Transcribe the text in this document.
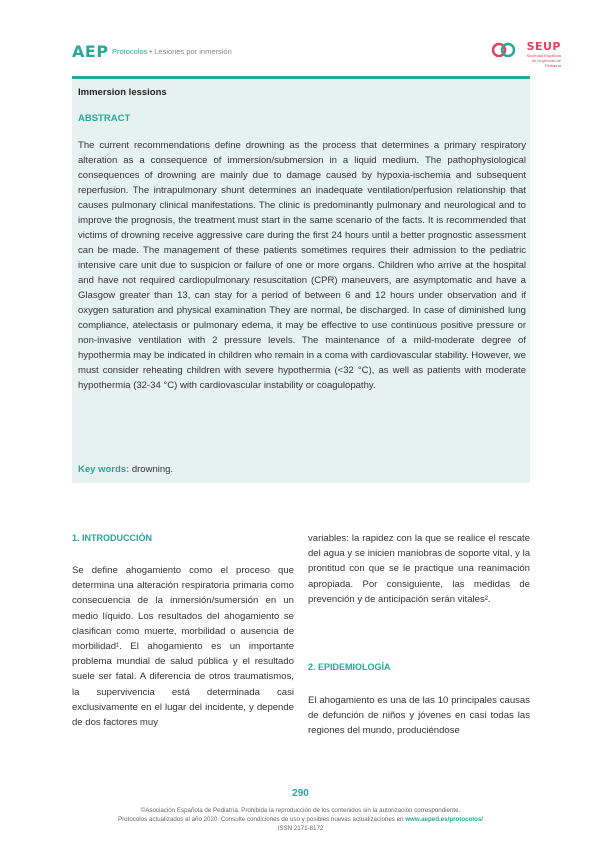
AEP Protocolos • Lesiones por inmersión	SEUP
Sociedad Española de Urgencias de Pediatría
Immersion lessions
ABSTRACT
The current recommendations define drowning as the process that determines a primary respiratory alteration as a consequence of immersion/submersion in a liquid medium. The pathophysiological consequences of drowning are mainly due to damage caused by hypoxia-ischemia and subsequent reperfusion. The intrapulmonary shunt determines an inadequate ventilation/perfusion relationship that causes pulmonary clinical manifestations. The clinic is predominantly pulmonary and neurological and to improve the prognosis, the treatment must start in the same scenario of the facts. It is recommended that victims of drowning receive aggressive care during the first 24 hours until a better prognostic assessment can be made. The management of these patients sometimes requires their admission to the pediatric intensive care unit due to suspicion or failure of one or more organs. Children who arrive at the hospital and have not required cardiopulmonary resuscitation (CPR) maneuvers, are asymptomatic and have a Glasgow greater than 13, can stay for a period of between 6 and 12 hours under observation and if oxygen saturation and physical examination They are normal, be discharged. In case of diminished lung compliance, atelectasis or pulmonary edema, it may be effective to use continuous positive pressure or non-invasive ventilation with 2 pressure levels. The maintenance of a mild-moderate degree of hypothermia may be indicated in children who remain in a coma with cardiovascular stability. However, we must consider reheating children with severe hypothermia (<32 °C), as well as patients with moderate hypothermia (32-34 °C) with cardiovascular instability or coagulopathy.
Key words: drowning.
1. INTRODUCCIÓN
Se define ahogamiento como el proceso que determina una alteración respiratoria primaria como consecuencia de la inmersión/sumersión en un medio líquido. Los resultados del ahogamiento se clasifican como muerte, morbilidad o ausencia de morbilidad¹. El ahogamiento es un importante problema mundial de salud pública y el resultado suele ser fatal. A diferencia de otros traumatismos, la supervivencia está determinada casi exclusivamente en el lugar del incidente, y depende de dos factores muy
variables: la rapidez con la que se realice el rescate del agua y se inicien maniobras de soporte vital, y la prontitud con que se le practique una reanimación apropiada. Por consiguiente, las medidas de prevención y de anticipación serán vitales².
2. EPIDEMIOLOGÍA
El ahogamiento es una de las 10 principales causas de defunción de niños y jóvenes en casi todas las regiones del mundo, produciéndose
290
©Asociación Española de Pediatría. Prohibida la reproducción de los contenidos sin la autorización correspondiente.
Protocolos actualizados al año 2020. Consulte condiciones de uso y posibles nuevas actualizaciones en www.aeped.es/protocolos/
ISSN 2171-8172
